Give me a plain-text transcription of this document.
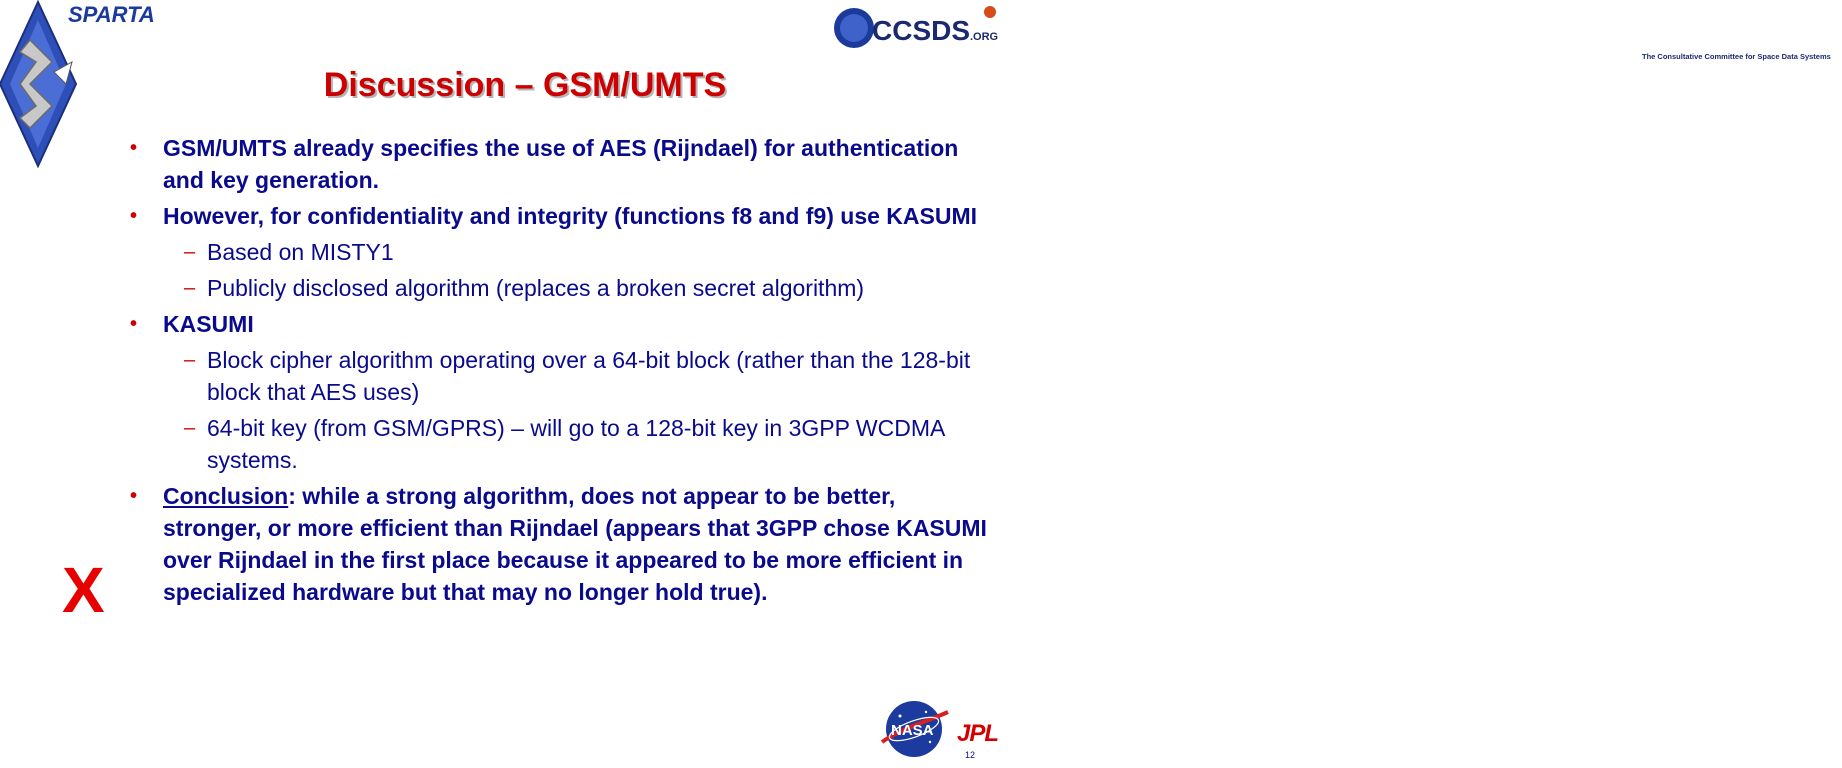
SPARTA
CCSDS .ORG
The Consultative Committee for Space Data Systems
Discussion – GSM/UMTS
• GSM/UMTS already specifies the use of AES (Rijndael) for authentication and key generation.
• However, for confidentiality and integrity (functions f8 and f9) use KASUMI
– Based on MISTY1
– Publicly disclosed algorithm (replaces a broken secret algorithm)
• KASUMI
– Block cipher algorithm operating over a 64-bit block (rather than the 128-bit block that AES uses)
– 64-bit key (from GSM/GPRS) – will go to a 128-bit key in 3GPP WCDMA systems.
• Conclusion: while a strong algorithm, does not appear to be better, stronger, or more efficient than Rijndael (appears that 3GPP chose KASUMI over Rijndael in the first place because it appeared to be more efficient in specialized hardware but that may no longer hold true).
X
NASA JPL
12
